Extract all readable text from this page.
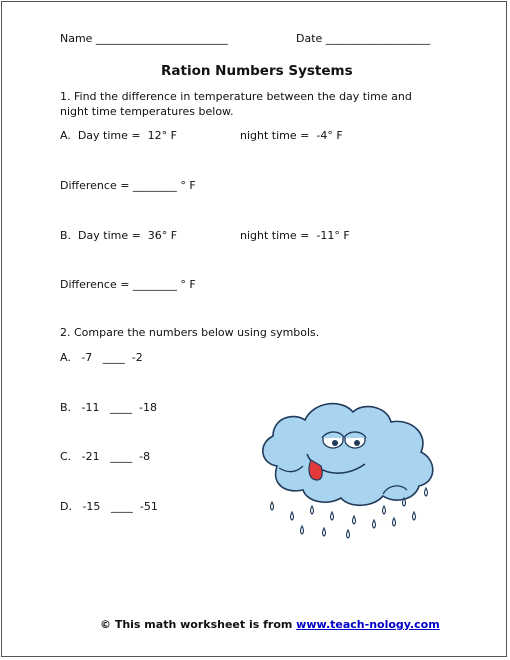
Name ________________________	Date ___________________
Ration Numbers Systems
1. Find the difference in temperature between the day time and
night time temperatures below.
A.  Day time =  12° F	night time =  -4° F
Difference = ________ ° F
B.  Day time =  36° F	night time =  -11° F
Difference = ________ ° F
2. Compare the numbers below using symbols.
A.   -7   ____  -2
B.   -11   ____  -18
C.   -21   ____  -8
D.   -15   ____  -51
© This math worksheet is from www.teach-nology.com
